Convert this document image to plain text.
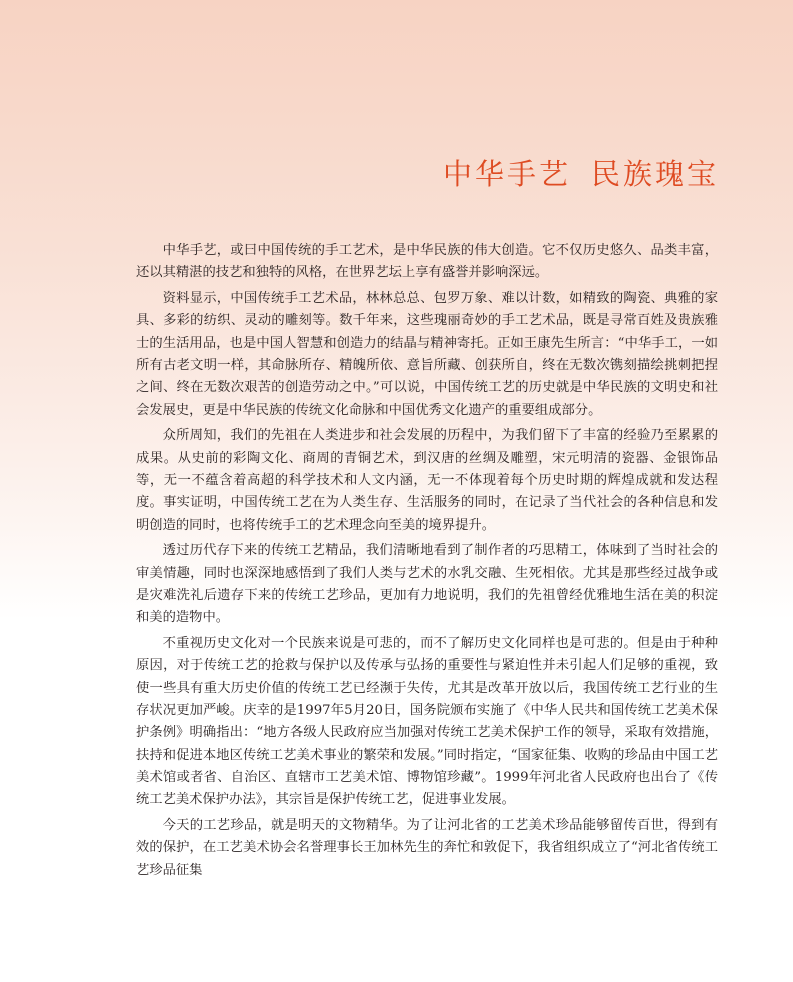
中华手艺 民族瑰宝

中华手艺，或曰中国传统的手工艺术，是中华民族的伟大创造。它不仅历史悠久、品类丰富，还以其精湛的技艺和独特的风格，在世界艺坛上享有盛誉并影响深远。

资料显示，中国传统手工艺术品，林林总总、包罗万象、难以计数，如精致的陶瓷、典雅的家具、多彩的纺织、灵动的雕刻等。数千年来，这些瑰丽奇妙的手工艺术品，既是寻常百姓及贵族雅士的生活用品，也是中国人智慧和创造力的结晶与精神寄托。正如王康先生所言：“中华手工，一如所有古老文明一样，其命脉所存、精魄所依、意旨所藏、创获所自，终在无数次镌刻描绘挑刺把捏之间、终在无数次艰苦的创造劳动之中。”可以说，中国传统工艺的历史就是中华民族的文明史和社会发展史，更是中华民族的传统文化命脉和中国优秀文化遗产的重要组成部分。

众所周知，我们的先祖在人类进步和社会发展的历程中，为我们留下了丰富的经验乃至累累的成果。从史前的彩陶文化、商周的青铜艺术，到汉唐的丝绸及雕塑，宋元明清的瓷器、金银饰品等，无一不蕴含着高超的科学技术和人文内涵，无一不体现着每个历史时期的辉煌成就和发达程度。事实证明，中国传统工艺在为人类生存、生活服务的同时，在记录了当代社会的各种信息和发明创造的同时，也将传统手工的艺术理念向至美的境界提升。

透过历代存下来的传统工艺精品，我们清晰地看到了制作者的巧思精工，体味到了当时社会的审美情趣，同时也深深地感悟到了我们人类与艺术的水乳交融、生死相依。尤其是那些经过战争或是灾难洗礼后遗存下来的传统工艺珍品，更加有力地说明，我们的先祖曾经优雅地生活在美的积淀和美的造物中。

不重视历史文化对一个民族来说是可悲的，而不了解历史文化同样也是可悲的。但是由于种种原因，对于传统工艺的抢救与保护以及传承与弘扬的重要性与紧迫性并未引起人们足够的重视，致使一些具有重大历史价值的传统工艺已经濒于失传，尤其是改革开放以后，我国传统工艺行业的生存状况更加严峻。庆幸的是1997年5月20日，国务院颁布实施了《中华人民共和国传统工艺美术保护条例》明确指出：“地方各级人民政府应当加强对传统工艺美术保护工作的领导，采取有效措施，扶持和促进本地区传统工艺美术事业的繁荣和发展。”同时指定，“国家征集、收购的珍品由中国工艺美术馆或者省、自治区、直辖市工艺美术馆、博物馆珍藏”。1999年河北省人民政府也出台了《传统工艺美术保护办法》，其宗旨是保护传统工艺，促进事业发展。

今天的工艺珍品，就是明天的文物精华。为了让河北省的工艺美术珍品能够留传百世，得到有效的保护，在工艺美术协会名誉理事长王加林先生的奔忙和敦促下，我省组织成立了“河北省传统工艺珍品征集
